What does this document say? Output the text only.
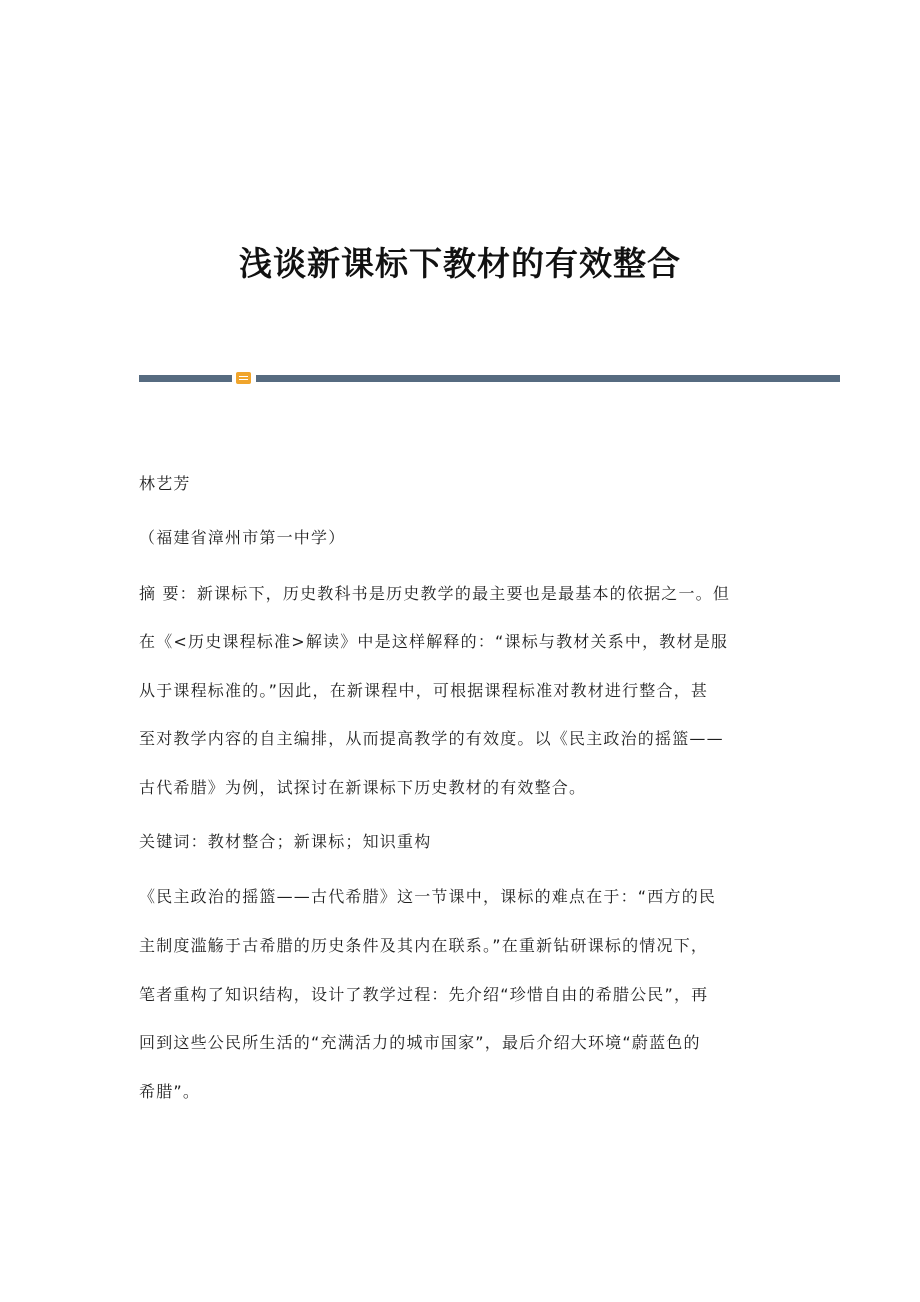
浅谈新课标下教材的有效整合
林艺芳
（福建省漳州市第一中学）
摘 要：新课标下，历史教科书是历史教学的最主要也是最基本的依据之一。但
在《<历史课程标准>解读》中是这样解释的：“课标与教材关系中，教材是服
从于课程标准的。”因此，在新课程中，可根据课程标准对教材进行整合，甚
至对教学内容的自主编排，从而提高教学的有效度。以《民主政治的摇篮——
古代希腊》为例，试探讨在新课标下历史教材的有效整合。
关键词：教材整合；新课标；知识重构
《民主政治的摇篮——古代希腊》这一节课中，课标的难点在于：“西方的民
主制度滥觞于古希腊的历史条件及其内在联系。”在重新钻研课标的情况下，
笔者重构了知识结构，设计了教学过程：先介绍“珍惜自由的希腊公民”，再
回到这些公民所生活的“充满活力的城市国家”，最后介绍大环境“蔚蓝色的
希腊”。
